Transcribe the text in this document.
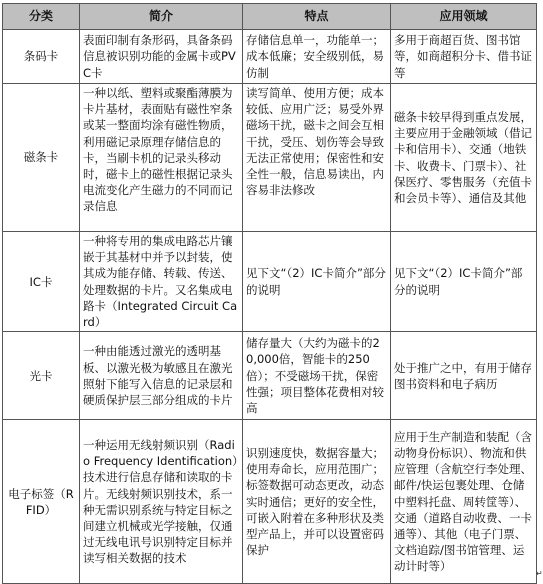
分类	简介	特点	应用领域
条码卡	表面印制有条形码，具备条码信息被识别功能的金属卡或PVC卡	存储信息单一，功能单一；成本低廉；安全级别低，易仿制	多用于商超百货、图书馆等，如商超积分卡、借书证等
磁条卡	一种以纸、塑料或聚酯薄膜为卡片基材，表面贴有磁性窄条或某一整面均涂有磁性物质，利用磁记录原理存储信息的卡，当刷卡机的记录头移动时，磁卡上的磁性根据记录头电流变化产生磁力的不同而记录信息	读写简单、使用方便；成本较低、应用广泛；易受外界磁场干扰，磁卡之间会互相干扰，受压、划伤等会导致无法正常使用；保密性和安全性一般，信息易读出，内容易非法修改	磁条卡较早得到重点发展，主要应用于金融领域（借记卡和信用卡）、交通（地铁卡、收费卡、门票卡）、社保医疗、零售服务（充值卡和会员卡等）、通信及其他
IC卡	一种将专用的集成电路芯片镶嵌于其基材中并予以封装，使其成为能存储、转载、传送、处理数据的卡片。又名集成电路卡（Integrated Circuit Card）	见下文“（2）IC卡简介”部分的说明	见下文“（2）IC卡简介”部分的说明
光卡	一种由能透过激光的透明基板、以激光极为敏感且在激光照射下能写入信息的记录层和硬质保护层三部分组成的卡片	储存量大（大约为磁卡的20,000倍，智能卡的250倍）；不受磁场干扰，保密性强；项目整体花费相对较高	处于推广之中，有用于储存图书资料和电子病历
电子标签（RFID）	一种运用无线射频识别（Radio Frequency Identification）技术进行信息存储和读取的卡片。无线射频识别技术，系一种无需识别系统与特定目标之间建立机械或光学接触，仅通过无线电讯号识别特定目标并读写相关数据的技术	识别速度快，数据容量大；使用寿命长，应用范围广；标签数据可动态更改，动态实时通信；更好的安全性，可嵌入附着在多种形状及类型产品上，并可以设置密码保护	应用于生产制造和装配（含动物身份标识）、物流和供应管理（含航空行李处理、邮件/快运包裹处理、仓储中塑料托盘、周转筐等）、交通（道路自动收费、一卡通等）、其他（电子门票、文档追踪/图书馆管理、运动计时等）
↵
